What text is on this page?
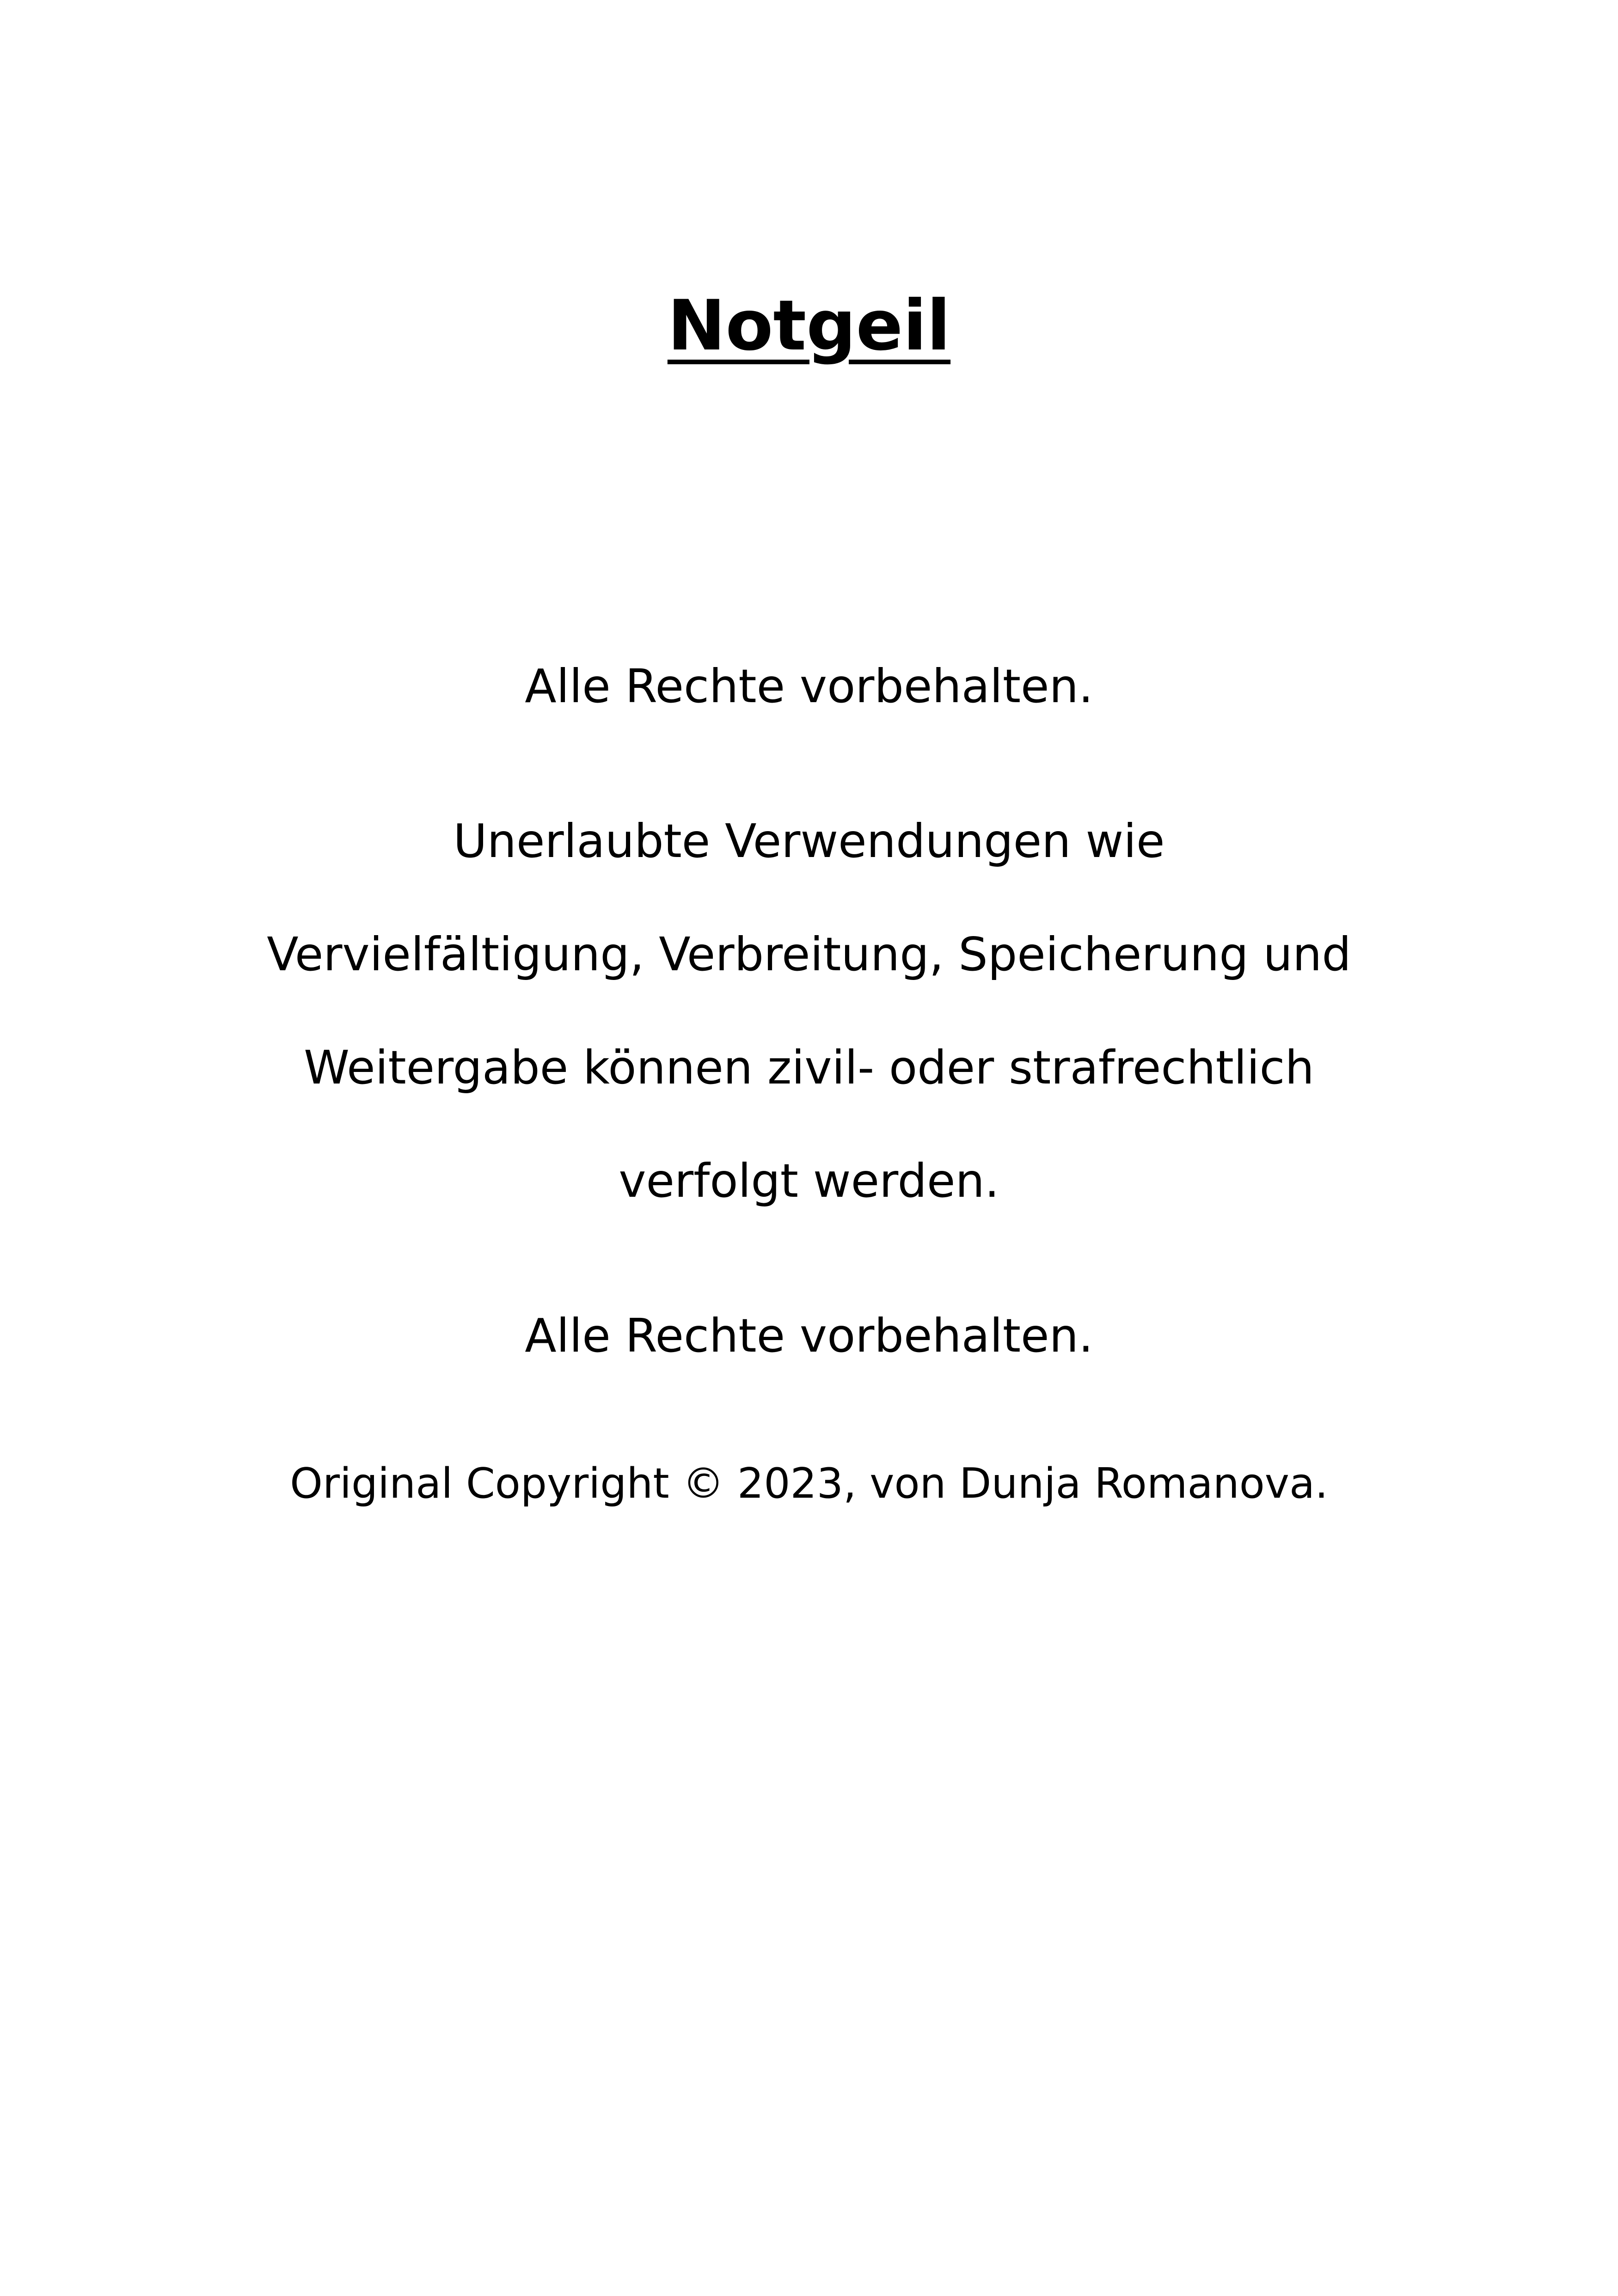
Notgeil
Alle Rechte vorbehalten.
Unerlaubte Verwendungen wie
Vervielfältigung, Verbreitung, Speicherung und
Weitergabe können zivil- oder strafrechtlich
verfolgt werden.
Alle Rechte vorbehalten.
Original Copyright © 2023, von Dunja Romanova.
